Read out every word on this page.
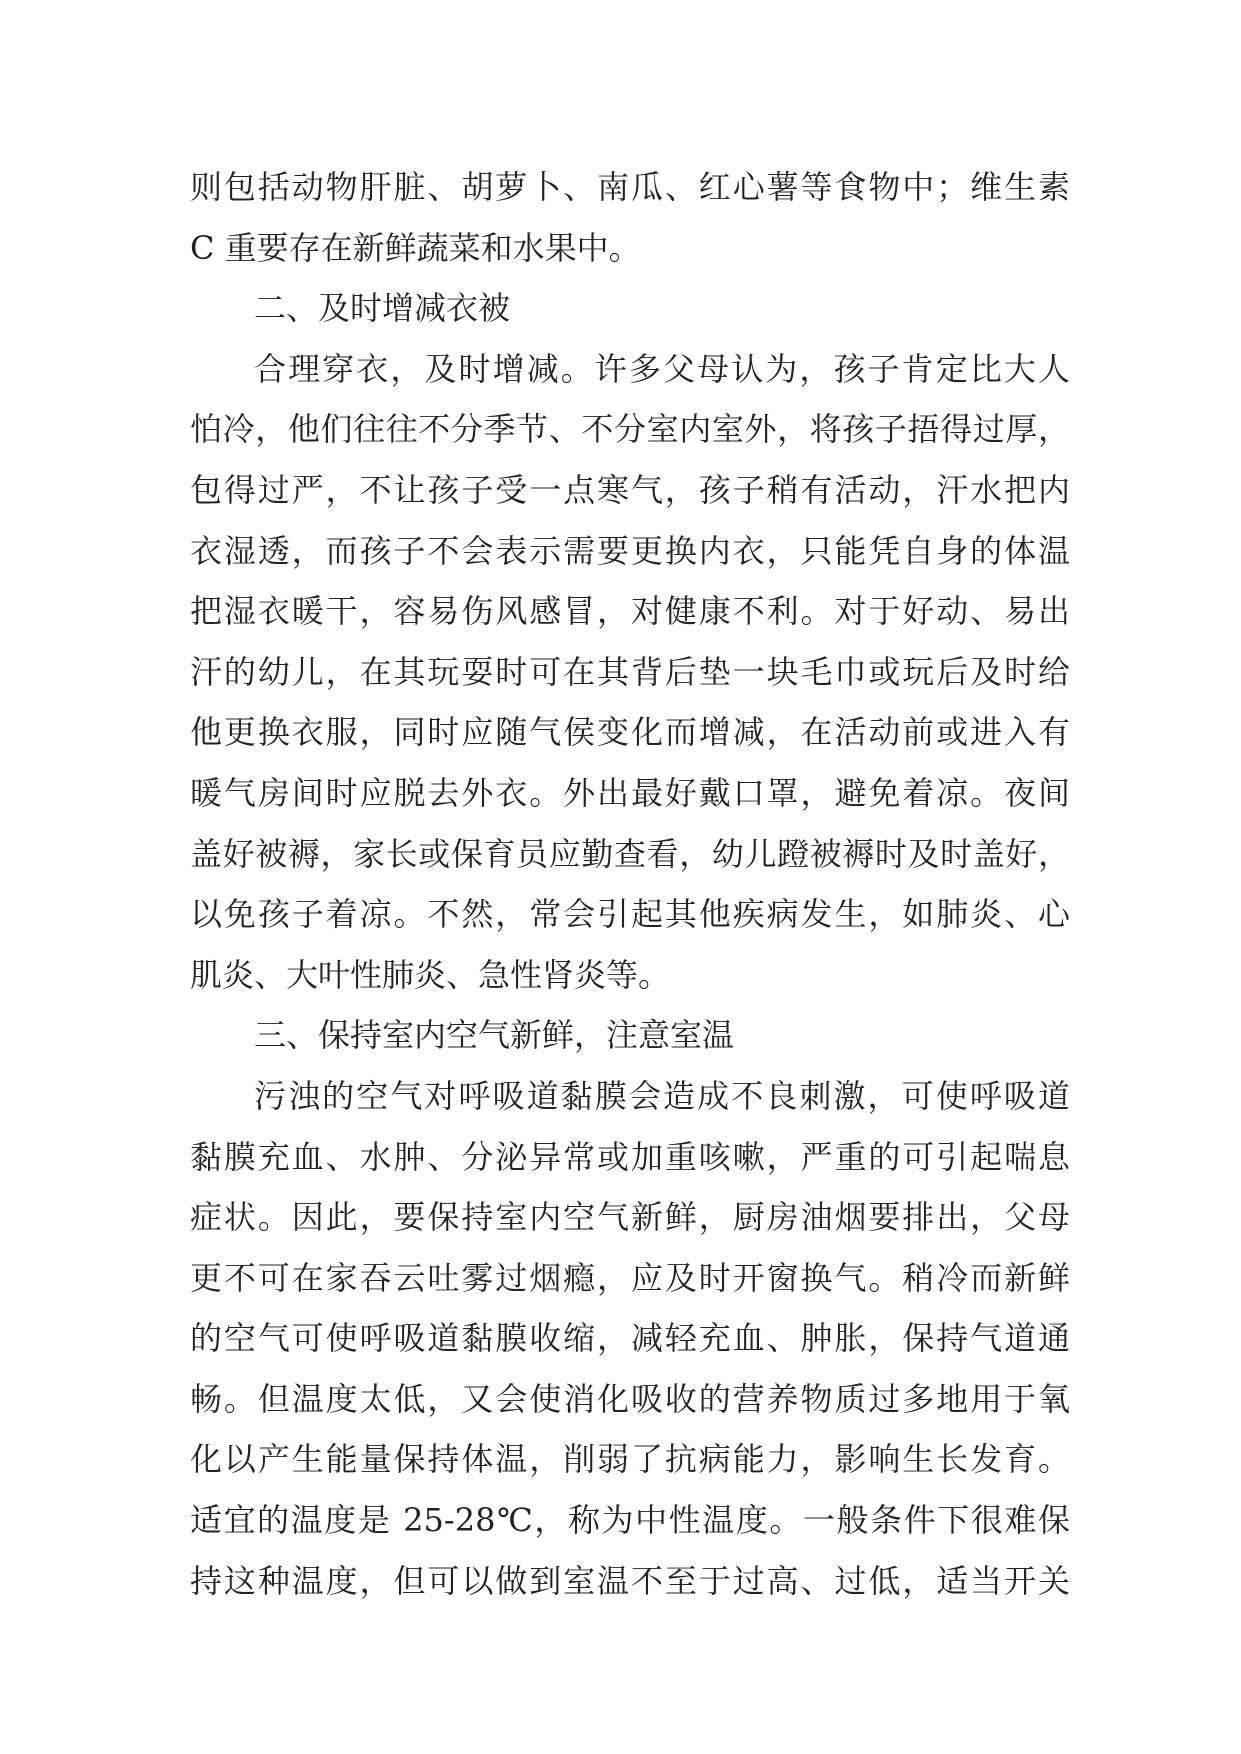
则包括动物肝脏、胡萝卜、南瓜、红心薯等食物中；维生素
C 重要存在新鲜蔬菜和水果中。
二、及时增减衣被
合理穿衣，及时增减。许多父母认为，孩子肯定比大人
怕冷，他们往往不分季节、不分室内室外，将孩子捂得过厚，
包得过严，不让孩子受一点寒气，孩子稍有活动，汗水把内
衣湿透，而孩子不会表示需要更换内衣，只能凭自身的体温
把湿衣暖干，容易伤风感冒，对健康不利。对于好动、易出
汗的幼儿，在其玩耍时可在其背后垫一块毛巾或玩后及时给
他更换衣服，同时应随气侯变化而增减，在活动前或进入有
暖气房间时应脱去外衣。外出最好戴口罩，避免着凉。夜间
盖好被褥，家长或保育员应勤查看，幼儿蹬被褥时及时盖好，
以免孩子着凉。不然，常会引起其他疾病发生，如肺炎、心
肌炎、大叶性肺炎、急性肾炎等。
三、保持室内空气新鲜，注意室温
污浊的空气对呼吸道黏膜会造成不良刺激，可使呼吸道
黏膜充血、水肿、分泌异常或加重咳嗽，严重的可引起喘息
症状。因此，要保持室内空气新鲜，厨房油烟要排出，父母
更不可在家吞云吐雾过烟瘾，应及时开窗换气。稍冷而新鲜
的空气可使呼吸道黏膜收缩，减轻充血、肿胀，保持气道通
畅。但温度太低，又会使消化吸收的营养物质过多地用于氧
化以产生能量保持体温，削弱了抗病能力，影响生长发育。
适宜的温度是 25-28℃，称为中性温度。一般条件下很难保
持这种温度，但可以做到室温不至于过高、过低，适当开关
